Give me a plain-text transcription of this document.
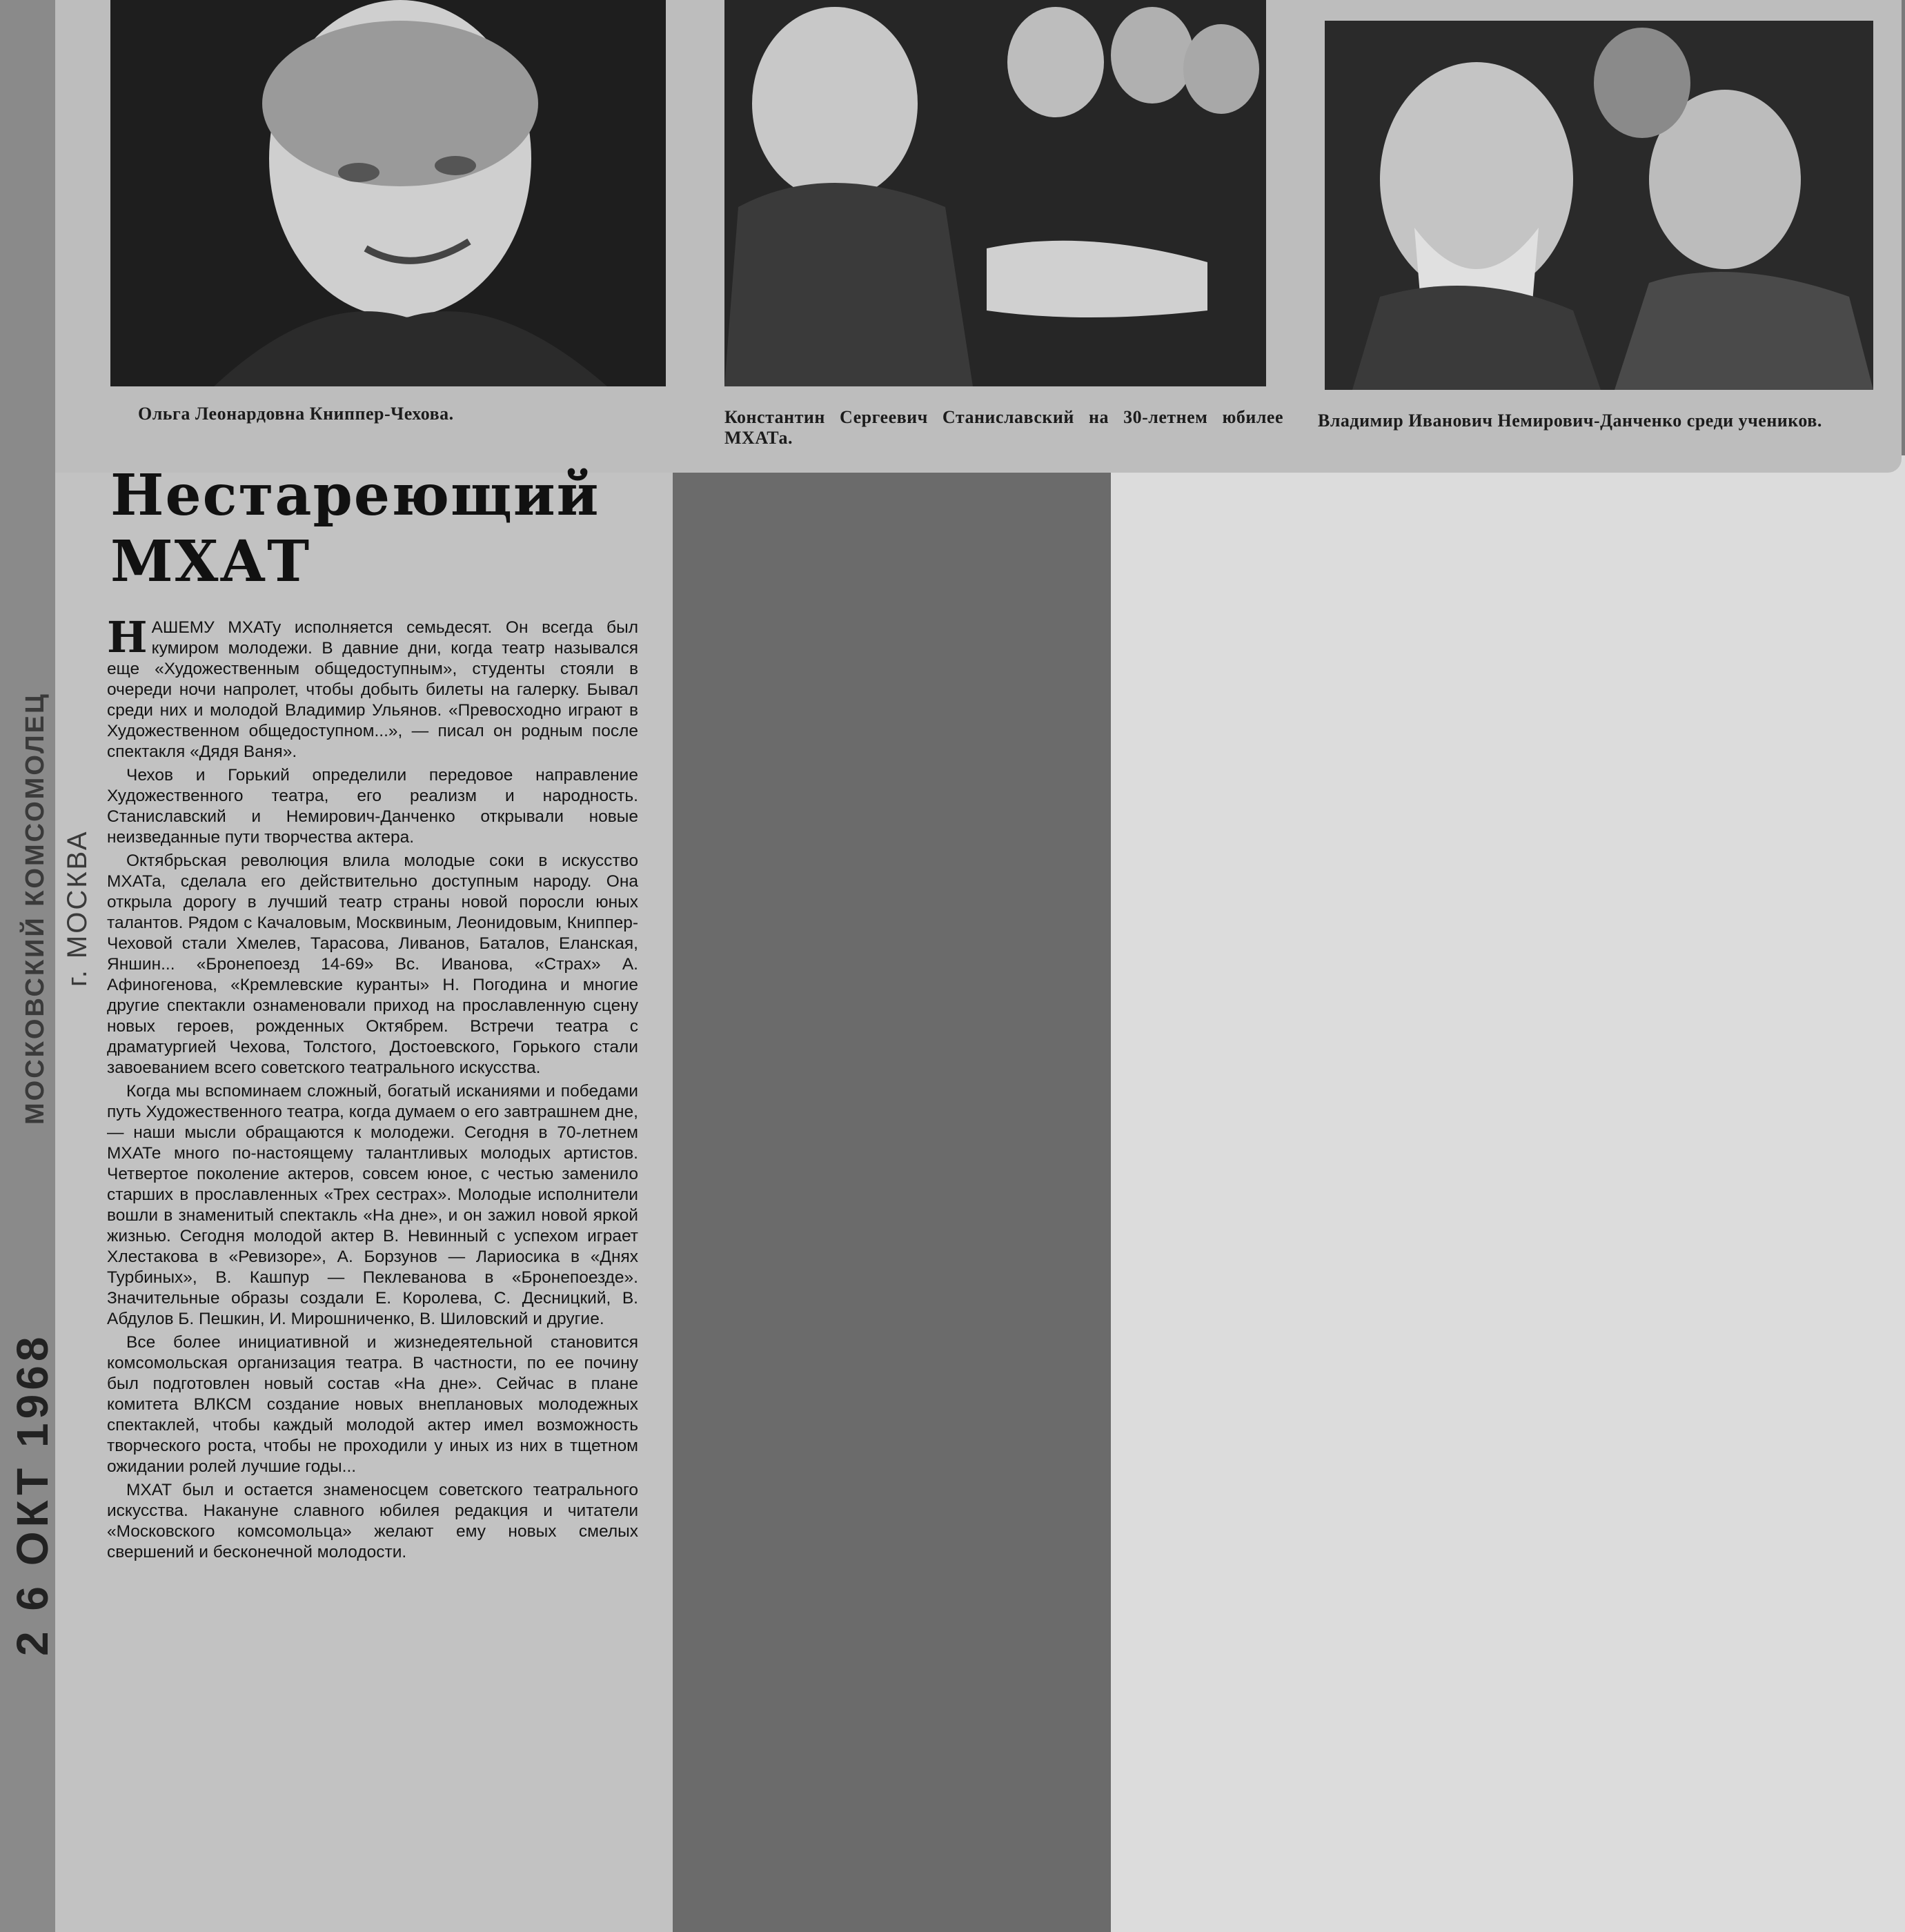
Ольга Леонардовна Книппер-Чехова.	Константин Сергеевич Станиславский на 30-летнем юбилее МХАТа.
Владимир Иванович Немирович-Данченко среди учеников.
Нестареющий
МХАТ

НАШЕМУ МХАТу исполняется семьдесят. Он всегда был кумиром молодежи. В давние дни, когда театр назывался еще «Художественным общедоступным», студенты стояли в очереди ночи напролет, чтобы добыть билеты на галерку. Бывал среди них и молодой Владимир Ульянов. «Превосходно играют в Художественном общедоступном...», — писал он родным после спектакля «Дядя Ваня».

Чехов и Горький определили передовое направление Художественного театра, его реализм и народность. Станиславский и Немирович-Данченко открывали новые неизведанные пути творчества актера.

Октябрьская революция влила молодые соки в искусство МХАТа, сделала его действительно доступным народу. Она открыла дорогу в лучший театр страны новой поросли юных талантов. Рядом с Качаловым, Москвиным, Леонидовым, Книппер-Чеховой стали Хмелев, Тарасова, Ливанов, Баталов, Еланская, Яншин... «Бронепоезд 14-69» Вс. Иванова, «Страх» А. Афиногенова, «Кремлевские куранты» Н. Погодина и многие другие спектакли ознаменовали приход на прославленную сцену новых героев, рожденных Октябрем. Встречи театра с драматургией Чехова, Толстого, Достоевского, Горького стали завоеванием всего советского театрального искусства.

Когда мы вспоминаем сложный, богатый исканиями и победами путь Художественного театра, когда думаем о его завтрашнем дне, — наши мысли обращаются к молодежи. Сегодня в 70-летнем МХАТе много по-настоящему талантливых молодых артистов. Четвертое поколение актеров, совсем юное, с честью заменило старших в прославленных «Трех сестрах». Молодые исполнители вошли в знаменитый спектакль «На дне», и он зажил новой яркой жизнью. Сегодня молодой актер В. Невинный с успехом играет Хлестакова в «Ревизоре», А. Борзунов — Лариосика в «Днях Турбиных», В. Кашпур — Пеклеванова в «Бронепоезде». Значительные образы создали Е. Королева, С. Десницкий, В. Абдулов Б. Пешкин, И. Мирошниченко, В. Шиловский и другие.

Все более инициативной и жизнедеятельной становится комсомольская организация театра. В частности, по ее почину был подготовлен новый состав «На дне». Сейчас в плане комитета ВЛКСМ создание новых внеплановых молодежных спектаклей, чтобы каждый молодой актер имел возможность творческого роста, чтобы не проходили у иных из них в тщетном ожидании ролей лучшие годы...

МХАТ был и остается знаменосцем советского театрального искусства. Накануне славного юбилея редакция и читатели «Московского комсомольца» желают ему новых смелых свершений и бесконечной молодости.

МОСКОВСКИЙ КОМСОМОЛЕЦ г. МОСКВА
2 6 ОКТ 1968
